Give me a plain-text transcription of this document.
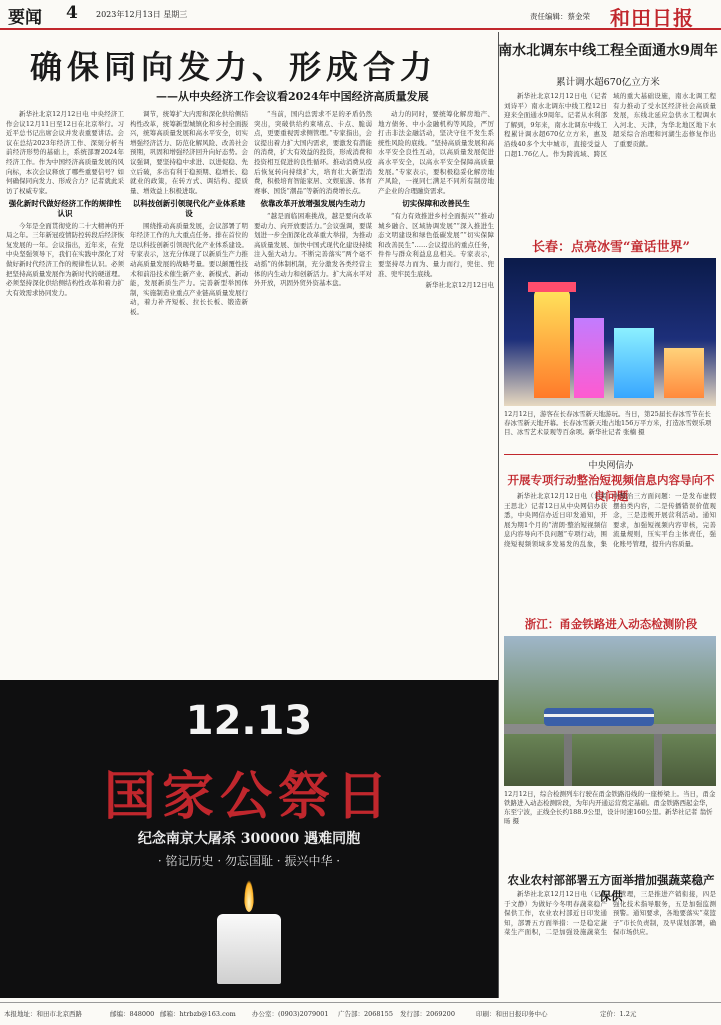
要闻 4 2023年12月13日 星期三	责任编辑：蔡金荣 和田日报
确保同向发力、形成合力
——从中央经济工作会议看2024年中国经济高质量发展

新华社北京12月12日电 中央经济工作会议12月11日至12日在北京举行。习近平总书记出席会议并发表重要讲话。会议在总结2023年经济工作、深刻分析当前经济形势的基础上，系统部署2024年经济工作。作为中国经济高质量发展的风向标，本次会议释放了哪些重要信号？如何确保同向发力、形成合力？记者就此采访了权威专家。

强化新时代做好经济工作的规律性认识

今年是全面贯彻党的二十大精神的开局之年。三年新冠疫情防控转段后经济恢复发展的一年。会议指出，近年来，在党中央坚强领导下，我们在实践中深化了对做好新时代经济工作的规律性认识。必须把坚持高质量发展作为新时代的硬道理。必须坚持深化供给侧结构性改革和着力扩大有效需求协同发力。

调节，统筹扩大内需和深化供给侧结构性改革，统筹新型城镇化和乡村全面振兴，统筹高质量发展和高水平安全，切实增强经济活力、防范化解风险、改善社会预期，巩固和增强经济回升向好态势。会议强调，要坚持稳中求进、以进促稳、先立后破，多出有利于稳预期、稳增长、稳就业的政策，在转方式、调结构、提质量、增效益上积极进取。

以科技创新引领现代化产业体系建设

围绕推动高质量发展，会议部署了明年经济工作的九大重点任务。排在首位的是以科技创新引领现代化产业体系建设。专家表示，这充分体现了以新质生产力推动高质量发展的战略考量。要以颠覆性技术和前沿技术催生新产业、新模式、新动能，发展新质生产力。完善新型举国体制，实施制造业重点产业链高质量发展行动，着力补齐短板、拉长长板、锻造新板。

“当前，国内总需求不足的矛盾仍然突出，突破供给约束堵点、卡点、脆弱点，更要重视需求侧管理。”专家指出，会议提出着力扩大国内需求，要激发有潜能的消费，扩大有效益的投资，形成消费和投资相互促进的良性循环。推动消费从疫后恢复转向持续扩大，培育壮大新型消费，积极培育智能家居、文娱旅游、体育赛事、国货“潮品”等新的消费增长点。

依靠改革开放增强发展内生动力

“越是面临困难挑战，越是要向改革要动力、向开放要活力。”会议强调，要谋划进一步全面深化改革重大举措，为推动高质量发展、加快中国式现代化建设持续注入强大动力。不断完善落实“两个毫不动摇”的体制机制，充分激发各类经营主体的内生动力和创新活力。扩大高水平对外开放，巩固外贸外资基本盘。

动力的同时，要统筹化解房地产、地方债务、中小金融机构等风险，严厉打击非法金融活动，坚决守住不发生系统性风险的底线。“坚持高质量发展和高水平安全良性互动，以高质量发展促进高水平安全，以高水平安全保障高质量发展。”专家表示，要积极稳妥化解房地产风险，一视同仁满足不同所有制房地产企业的合理融资需求。

切实保障和改善民生

“有力有效推进乡村全面振兴”“推动城乡融合、区域协调发展”“深入推进生态文明建设和绿色低碳发展”“切实保障和改善民生”……会议提出的重点任务，件件与群众利益息息相关。专家表示，要坚持尽力而为、量力而行，兜住、兜准、兜牢民生底线。

新华社北京12月12日电

南水北调东中线工程全面通水9周年
累计调水超670亿立方米

新华社北京12月12日电（记者 刘诗平）南水北调东中线工程12日迎来全面通水9周年。记者从水利部了解到，9年来，南水北调东中线工程累计调水超670亿立方米，惠及沿线40多个大中城市，直接受益人口超1.76亿人。作为跨流域、跨区域的重大基础设施，南水北调工程有力推动了受水区经济社会高质量发展，东线北延应急供水工程调水入河北、天津，为华北地区地下水超采综合治理和河湖生态修复作出了重要贡献。

长春：点亮冰雪“童话世界”
12月12日，游客在长春冰雪新天地游玩。当日，第25届长春冰雪节在长春冰雪新天地开幕。长春冰雪新天地占地156万平方米，打造冰雪娱乐项目、冰雪艺术景观等百余项。新华社记者 张楠 摄
中央网信办
开展专项行动整治短视频信息内容导向不良问题

新华社北京12月12日电（记者 王思北）记者12日从中央网信办获悉，中央网信办近日印发通知，开展为期1个月的“清朗·整治短视频信息内容导向不良问题”专项行动，围绕短视频领域多发易发的乱象，集中整治三方面问题：一是发布虚假摆拍类内容，二是传播错误价值观念，三是违规开展营利活动。通知要求，加强短视频内容审核，完善流量规则，压实平台主体责任，强化账号管理，提升内容质量。

浙江：甬金铁路进入动态检测阶段
12月12日，综合检测列车行驶在甬金铁路沿线的一座桥梁上。当日，甬金铁路进入动态检测阶段，为年内开通运营奠定基础。甬金铁路西起金华，东至宁波，正线全长约188.9公里，设计时速160公里。新华社记者 翁忻旸 摄
农业农村部部署五方面举措加强蔬菜稳产保供

新华社北京12月12日电（记者 于文静）为做好今冬明春蔬菜稳产保供工作，农业农村部近日印发通知，部署五方面举措：一是稳定蔬菜生产面积，二是加强设施蔬菜生产管理，三是推进产销衔接，四是强化技术指导服务，五是加强监测预警。通知要求，各地要落实“菜篮子”市长负责制，及早谋划部署，确保市场供应。

12.13
国家公祭日
纪念南京大屠杀 300000 遇难同胞
· 铭记历史 · 勿忘国耻 · 振兴中华 ·
本报地址：和田市北京西路	邮编：848000 邮箱：htrbzb@163.com 办公室：(0903)2079001 广告部：2068155 发行部：2069200	印刷：和田日报印务中心	定价：1.2元
